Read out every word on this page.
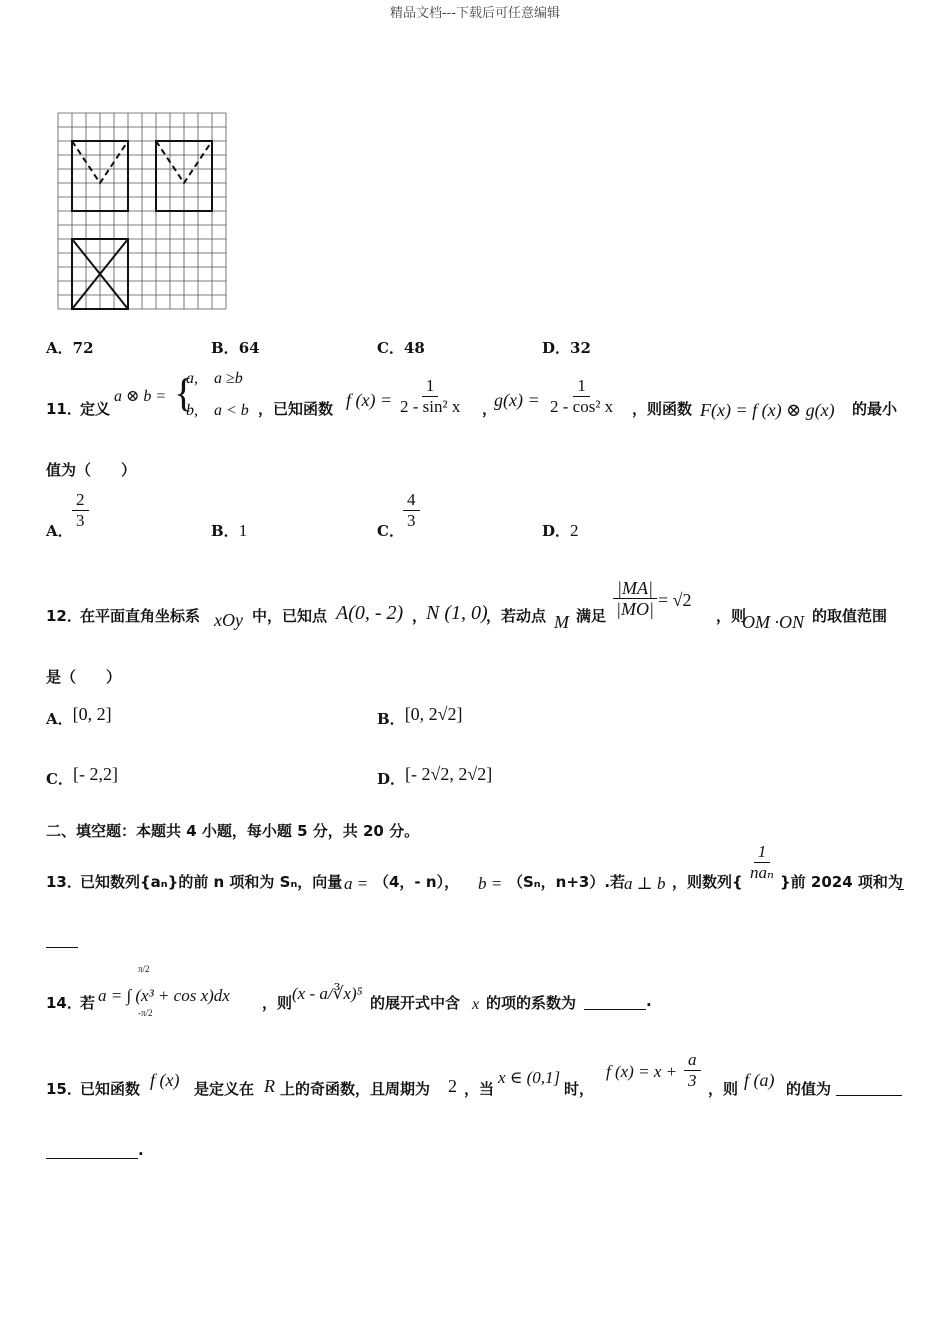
精品文档---下载后可任意编辑
A．72	B．64	C．48	D．32
11．
定义
a ⊗ b = {
a,    a ≥b
b,    a < b ，已知函数 f $(x) = \frac{1}{\text{2 - sin² x}}$ ，
$g(x) = \frac{1}{\text{2 - cos² x}}$ ，则函数 F(x) = f (x) ⊗ g(x) 的最小
值为（　　）
A． $\frac{2}{3}$	B．1	C． $\frac{4}{3}$	D．2
12．
在平面直角坐标系 xOy 中，已知点 A(0, - 2) ，
N (1, 0)
，若动点 M 满足 $\frac{|MA|}{|MO|} = √2$
，则
OM ·ON 的取值范围
是（　　）
A．[0, 2]	B．[0, 2√2]
C．[- 2,2]	D．[- 2√2, 2√2]
二、填空题：本题共 4 小题，每小题 5 分，共 20 分。
13．
已知数列{aₙ}的前 n 项和为 Sₙ，向量 a = （4，- n）， b = （Sₙ，n+3）.若
a ⊥ b ，则数列{
1
naₙ }前 2024 项和为
14．
若 a = ∫ (x³ + cos x)dx
π/2
-π/2
，则 (x - a/∛x)⁵ 的展开式中含 x 的项的系数为	.
15．
已知函数 f (x) 是定义在 R 上的奇函数，且周期为 2 ，当
x ∈ (0,1]
时，
f $(x) = x + \frac{a}{3}$ ，则 f (a) 的值为
.
